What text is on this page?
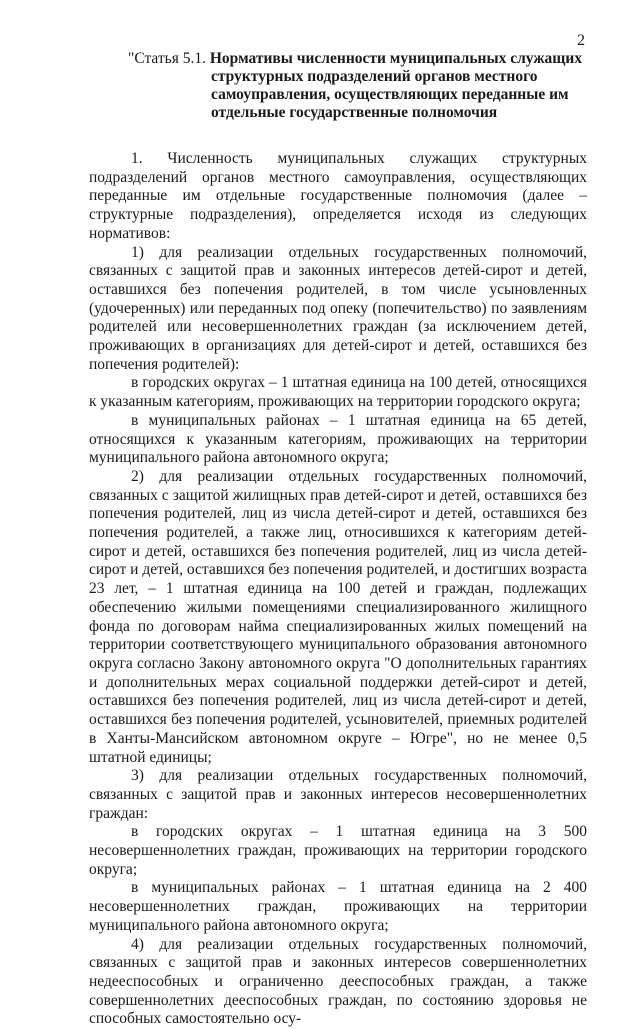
2
"Статья 5.1. Нормативы численности муниципальных служащих
структурных подразделений органов местного
самоуправления, осуществляющих переданные им
отдельные государственные полномочия

1. Численность муниципальных служащих структурных подразделений органов местного самоуправления, осуществляющих переданные им отдельные государственные полномочия (далее – структурные подразделения), определяется исходя из следующих нормативов:

1) для реализации отдельных государственных полномочий, связанных с защитой прав и законных интересов детей-сирот и детей, оставшихся без попечения родителей, в том числе усыновленных (удочеренных) или переданных под опеку (попечительство) по заявлениям родителей или несовершеннолетних граждан (за исключением детей, проживающих в организациях для детей-сирот и детей, оставшихся без попечения родителей):

в городских округах – 1 штатная единица на 100 детей, относящихся к указанным категориям, проживающих на территории городского округа;

в муниципальных районах – 1 штатная единица на 65 детей, относящихся к указанным категориям, проживающих на территории муниципального района автономного округа;

2) для реализации отдельных государственных полномочий, связанных с защитой жилищных прав детей-сирот и детей, оставшихся без попечения родителей, лиц из числа детей-сирот и детей, оставшихся без попечения родителей, а также лиц, относившихся к категориям детей-сирот и детей, оставшихся без попечения родителей, лиц из числа детей-сирот и детей, оставшихся без попечения родителей, и достигших возраста 23 лет, – 1 штатная единица на 100 детей и граждан, подлежащих обеспечению жилыми помещениями специализированного жилищного фонда по договорам найма специализированных жилых помещений на территории соответствующего муниципального образования автономного округа согласно Закону автономного округа "О дополнительных гарантиях и дополнительных мерах социальной поддержки детей-сирот и детей, оставшихся без попечения родителей, лиц из числа детей-сирот и детей, оставшихся без попечения родителей, усыновителей, приемных родителей в Ханты-Мансийском автономном округе – Югре", но не менее 0,5 штатной единицы;

3) для реализации отдельных государственных полномочий, связанных с защитой прав и законных интересов несовершеннолетних граждан:

в городских округах – 1 штатная единица на 3 500 несовершеннолетних граждан, проживающих на территории городского округа;

в муниципальных районах – 1 штатная единица на 2 400 несовершеннолетних граждан, проживающих на территории муниципального района автономного округа;

4) для реализации отдельных государственных полномочий, связанных с защитой прав и законных интересов совершеннолетних недееспособных и ограниченно дееспособных граждан, а также совершеннолетних дееспособных граждан, по состоянию здоровья не способных самостоятельно осу-
